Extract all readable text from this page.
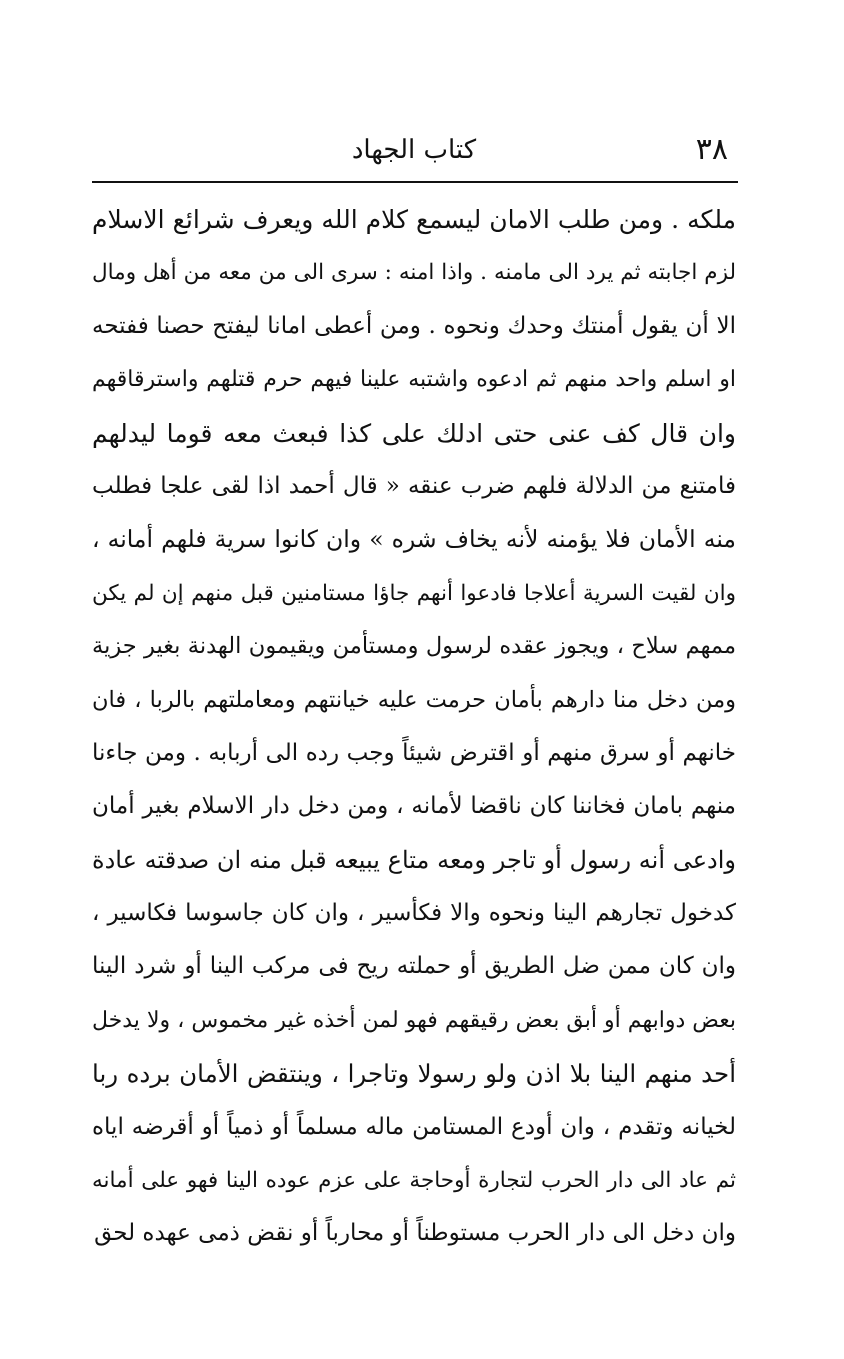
٣٨
كتاب الجهاد
ملكه . ومن طلب الامان ليسمع كلام الله ويعرف شرائع الاسلام
لزم اجابته ثم يرد الى مامنه . واذا امنه : سرى الى من معه من أهل ومال
الا أن يقول أمنتك وحدك ونحوه . ومن أعطى امانا ليفتح حصنا ففتحه
او اسلم واحد منهم ثم ادعوه واشتبه علينا فيهم حرم قتلهم واسترقاقهم
وان قال كف عنى حتى ادلك على كذا فبعث معه قوما ليدلهم
فامتنع من الدلالة فلهم ضرب عنقه « قال أحمد اذا لقى علجا فطلب
منه الأمان فلا يؤمنه لأنه يخاف شره » وان كانوا سرية فلهم أمانه ،
وان لقيت السرية أعلاجا فادعوا أنهم جاؤا مستامنين قبل منهم إن لم يكن
ممهم سلاح ، ويجوز عقده لرسول ومستأمن ويقيمون الهدنة بغير جزية
ومن دخل منا دارهم بأمان حرمت عليه خيانتهم ومعاملتهم بالربا ، فان
خانهم أو سرق منهم أو اقترض شيئاً وجب رده الى أربابه . ومن جاءنا
منهم بامان فخاننا كان ناقضا لأمانه ، ومن دخل دار الاسلام بغير أمان
وادعى أنه رسول أو تاجر ومعه متاع يبيعه قبل منه ان صدقته عادة
كدخول تجارهم الينا ونحوه والا فكأسير ، وان كان جاسوسا فكاسير ،
وان كان ممن ضل الطريق أو حملته ريح فى مركب الينا أو شرد الينا
بعض دوابهم أو أبق بعض رقيقهم فهو لمن أخذه غير مخموس ، ولا يدخل
أحد منهم الينا بلا اذن ولو رسولا وتاجرا ، وينتقض الأمان برده ربا
لخيانه وتقدم ، وان أودع المستامن ماله مسلماً أو ذمياً أو أقرضه اياه
ثم عاد الى دار الحرب لتجارة أوحاجة على عزم عوده الينا فهو على أمانه
وان دخل الى دار الحرب مستوطناً أو محارباً أو نقض ذمى عهده لحق
